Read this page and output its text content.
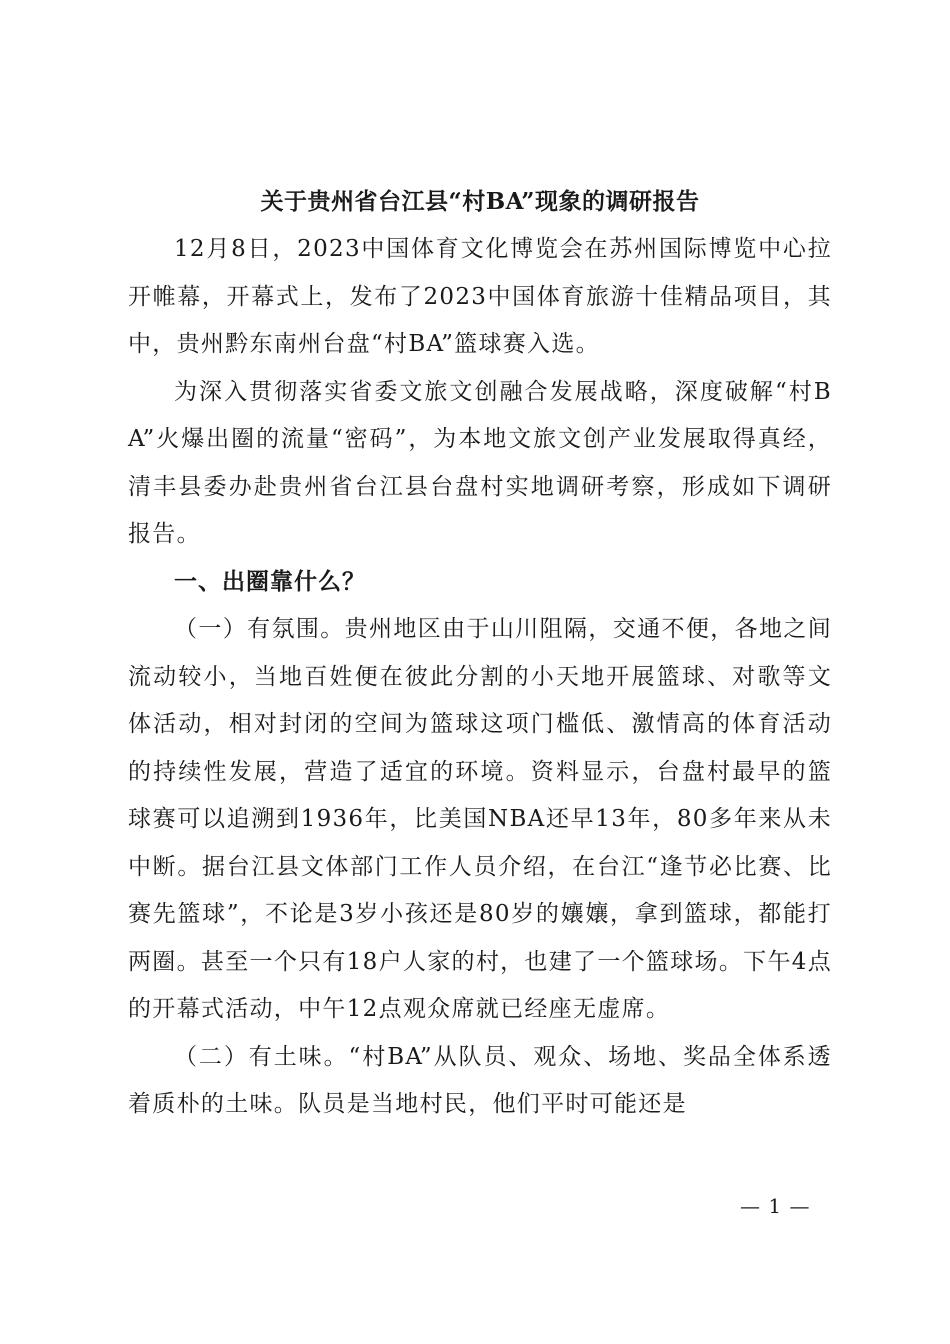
关于贵州省台江县“村BA”现象的调研报告

12月8日，2023中国体育文化博览会在苏州国际博览中心拉开帷幕，开幕式上，发布了2023中国体育旅游十佳精品项目，其中，贵州黔东南州台盘“村BA”篮球赛入选。

为深入贯彻落实省委文旅文创融合发展战略，深度破解“村BA”火爆出圈的流量“密码”，为本地文旅文创产业发展取得真经，清丰县委办赴贵州省台江县台盘村实地调研考察，形成如下调研报告。

一、出圈靠什么？

（一）有氛围。贵州地区由于山川阻隔，交通不便，各地之间流动较小，当地百姓便在彼此分割的小天地开展篮球、对歌等文体活动，相对封闭的空间为篮球这项门槛低、激情高的体育活动的持续性发展，营造了适宜的环境。资料显示，台盘村最早的篮球赛可以追溯到1936年，比美国NBA还早13年，80多年来从未中断。据台江县文体部门工作人员介绍，在台江“逢节必比赛、比赛先篮球”，不论是3岁小孩还是80岁的孃孃，拿到篮球，都能打两圈。甚至一个只有18户人家的村，也建了一个篮球场。下午4点的开幕式活动，中午12点观众席就已经座无虚席。

（二）有土味。“村BA”从队员、观众、场地、奖品全体系透着质朴的土味。队员是当地村民，他们平时可能还是

— 1 —
